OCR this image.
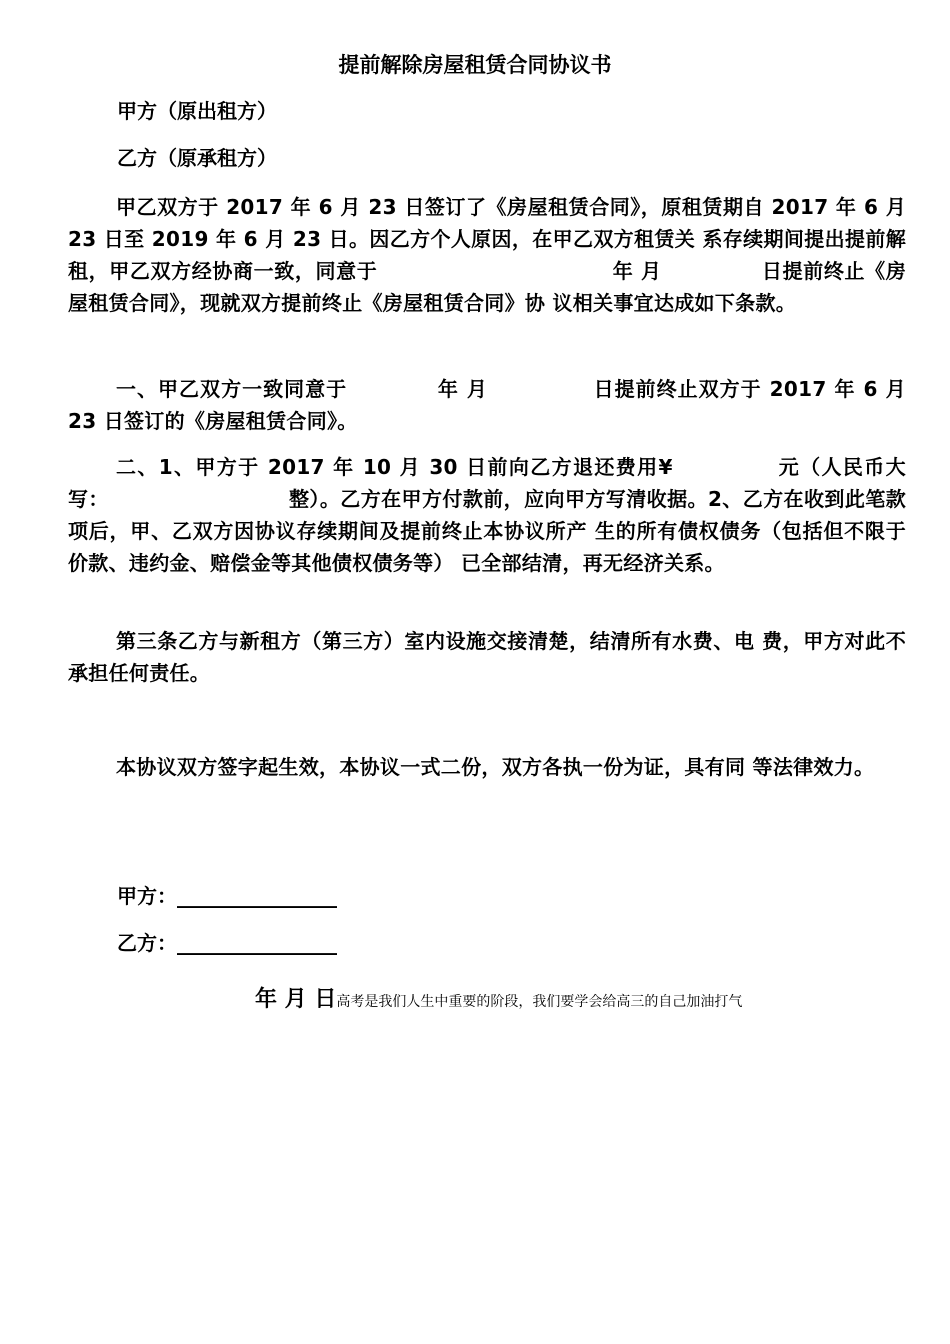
提前解除房屋租赁合同协议书
甲方（原出租方）
乙方（原承租方）
甲乙双方于 2017 年 6 月 23 日签订了《房屋租赁合同》，原租赁期自 2017 年 6 月 23 日至 2019 年 6 月 23 日。因乙方个人原因，在甲乙双方租赁关 系存续期间提出提前解租，甲乙双方经协商一致，同意于	年 月	日提前终止《房屋租赁合同》，现就双方提前终止《房屋租赁合同》协 议相关事宜达成如下条款。
一、甲乙双方一致同意于	年 月	日提前终止双方于 2017 年 6 月 23 日签订的《房屋租赁合同》。
二、1、甲方于 2017 年 10 月 30 日前向乙方退还费用¥	元（人民币大写：	整）。乙方在甲方付款前，应向甲方写清收据。2、乙方在收到此笔款项后，甲、乙双方因协议存续期间及提前终止本协议所产 生的所有债权债务（包括但不限于价款、违约金、赔偿金等其他债权债务等） 已全部结清，再无经济关系。
第三条乙方与新租方（第三方）室内设施交接清楚，结清所有水费、电 费，甲方对此不承担任何责任。
本协议双方签字起生效，本协议一式二份，双方各执一份为证，具有同 等法律效力。
甲方：________________
乙方：________________
年 月 日高考是我们人生中重要的阶段，我们要学会给高三的自己加油打气
